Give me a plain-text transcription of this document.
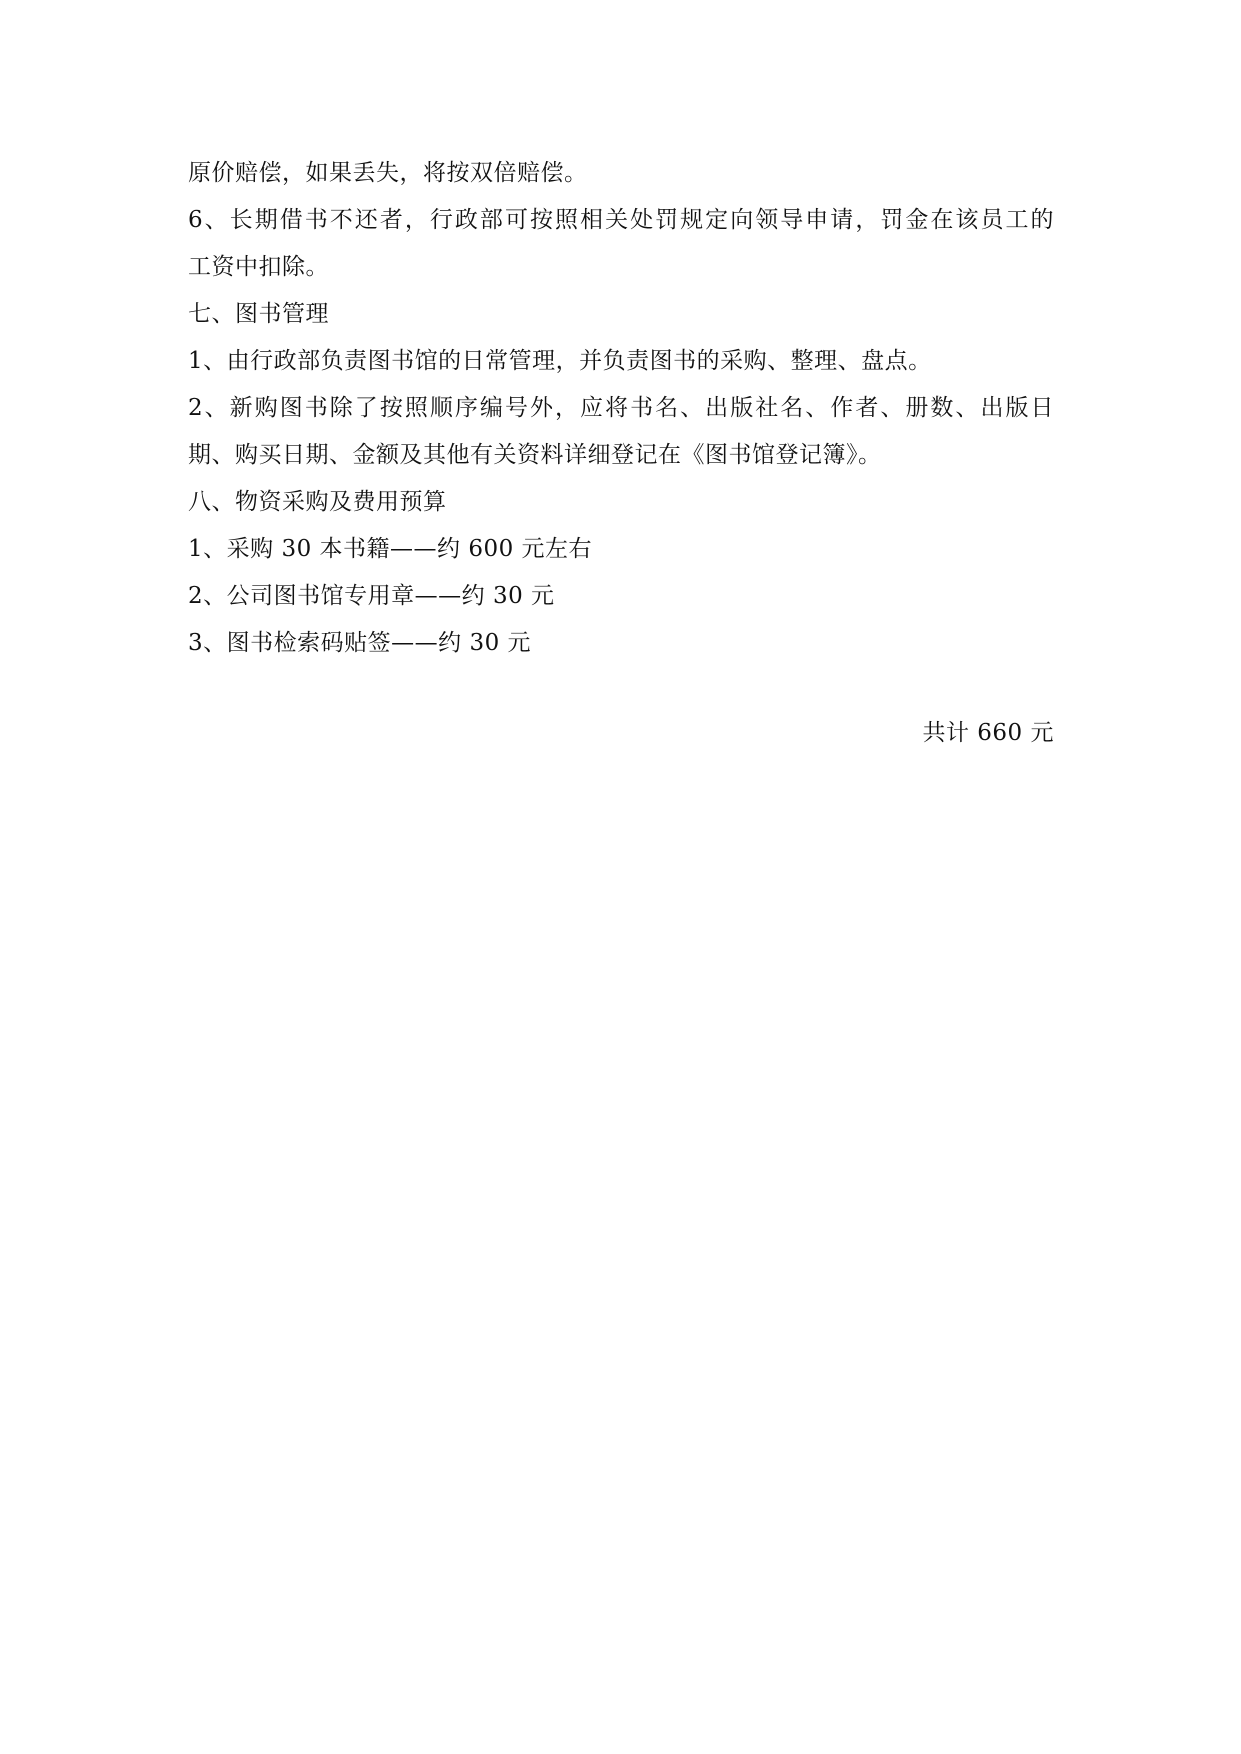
原价赔偿，如果丢失，将按双倍赔偿。
6、长期借书不还者，行政部可按照相关处罚规定向领导申请，罚金在该员工的
工资中扣除。
七、图书管理
1、由行政部负责图书馆的日常管理，并负责图书的采购、整理、盘点。
2、新购图书除了按照顺序编号外，应将书名、出版社名、作者、册数、出版日
期、购买日期、金额及其他有关资料详细登记在《图书馆登记簿》。
八、物资采购及费用预算
1、采购 30 本书籍——约 600 元左右
2、公司图书馆专用章——约 30 元
3、图书检索码贴签——约 30 元
共计 660 元
